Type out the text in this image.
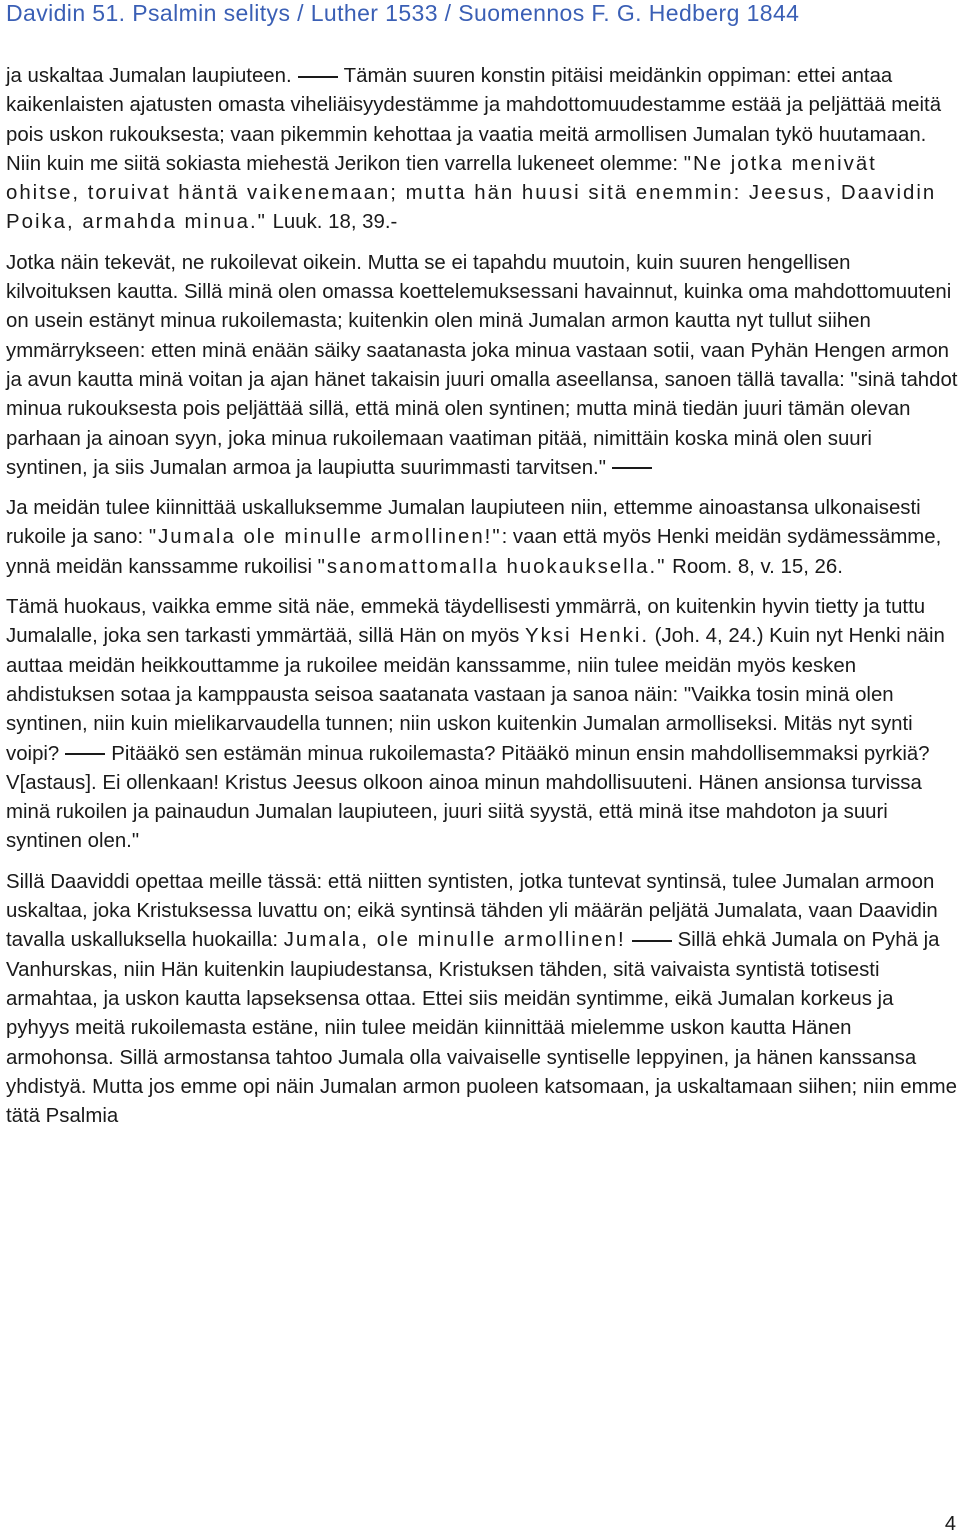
Davidin 51. Psalmin selitys / Luther 1533 / Suomennos F. G. Hedberg 1844

ja uskaltaa Jumalan laupiuteen.	Tämän suuren konstin pitäisi meidänkin oppiman: ettei antaa kaikenlaisten ajatusten omasta viheliäisyydestämme ja mahdottomuudestamme estää ja peljättää meitä pois uskon rukouksesta; vaan pikemmin kehottaa ja vaatia meitä armollisen Jumalan tykö huutamaan. Niin kuin me siitä sokiasta miehestä Jerikon tien varrella lukeneet olemme: "Ne jotka menivät ohitse, toruivat häntä vaikenemaan; mutta hän huusi sitä enemmin: Jeesus, Daavidin Poika, armahda minua." Luuk. 18, 39.-

Jotka näin tekevät, ne rukoilevat oikein. Mutta se ei tapahdu muutoin, kuin suuren hengellisen kilvoituksen kautta. Sillä minä olen omassa koettelemuksessani havainnut, kuinka oma mahdottomuuteni on usein estänyt minua rukoilemasta; kuitenkin olen minä Jumalan armon kautta nyt tullut siihen ymmärrykseen: etten minä enään säiky saatanasta joka minua vastaan sotii, vaan Pyhän Hengen armon ja avun kautta minä voitan ja ajan hänet takaisin juuri omalla aseellansa, sanoen tällä tavalla: "sinä tahdot minua rukouksesta pois peljättää sillä, että minä olen syntinen; mutta minä tiedän juuri tämän olevan parhaan ja ainoan syyn, joka minua rukoilemaan vaatiman pitää, nimittäin koska minä olen suuri syntinen, ja siis Jumalan armoa ja laupiutta suurimmasti tarvitsen."

Ja meidän tulee kiinnittää uskalluksemme Jumalan laupiuteen niin, ettemme ainoastansa ulkonaisesti rukoile ja sano: "Jumala ole minulle armollinen!": vaan että myös Henki meidän sydämessämme, ynnä meidän kanssamme rukoilisi "sanomattomalla huokauksella." Room. 8, v. 15, 26.

Tämä huokaus, vaikka emme sitä näe, emmekä täydellisesti ymmärrä, on kuitenkin hyvin tietty ja tuttu Jumalalle, joka sen tarkasti ymmärtää, sillä Hän on myös Yksi Henki. (Joh. 4, 24.) Kuin nyt Henki näin auttaa meidän heikkouttamme ja rukoilee meidän kanssamme, niin tulee meidän myös kesken ahdistuksen sotaa ja kamppausta seisoa saatanata vastaan ja sanoa näin: "Vaikka tosin minä olen syntinen, niin kuin mielikarvaudella tunnen; niin uskon kuitenkin Jumalan armolliseksi. Mitäs nyt synti voipi?	Pitääkö sen estämän minua rukoilemasta? Pitääkö minun ensin mahdollisemmaksi pyrkiä? V[astaus]. Ei ollenkaan! Kristus Jeesus olkoon ainoa minun mahdollisuuteni. Hänen ansionsa turvissa minä rukoilen ja painaudun Jumalan laupiuteen, juuri siitä syystä, että minä itse mahdoton ja suuri syntinen olen."

Sillä Daaviddi opettaa meille tässä: että niitten syntisten, jotka tuntevat syntinsä, tulee Jumalan armoon uskaltaa, joka Kristuksessa luvattu on; eikä syntinsä tähden yli määrän peljätä Jumalata, vaan Daavidin tavalla uskalluksella huokailla: Jumala, ole minulle armollinen!	Sillä ehkä Jumala on Pyhä ja Vanhurskas, niin Hän kuitenkin laupiudestansa, Kristuksen tähden, sitä vaivaista syntistä totisesti armahtaa, ja uskon kautta lapseksensa ottaa. Ettei siis meidän syntimme, eikä Jumalan korkeus ja pyhyys meitä rukoilemasta estäne, niin tulee meidän kiinnittää mielemme uskon kautta Hänen armohonsa. Sillä armostansa tahtoo Jumala olla vaivaiselle syntiselle leppyinen, ja hänen kanssansa yhdistyä. Mutta jos emme opi näin Jumalan armon puoleen katsomaan, ja uskaltamaan siihen; niin emme tätä Psalmia

4
